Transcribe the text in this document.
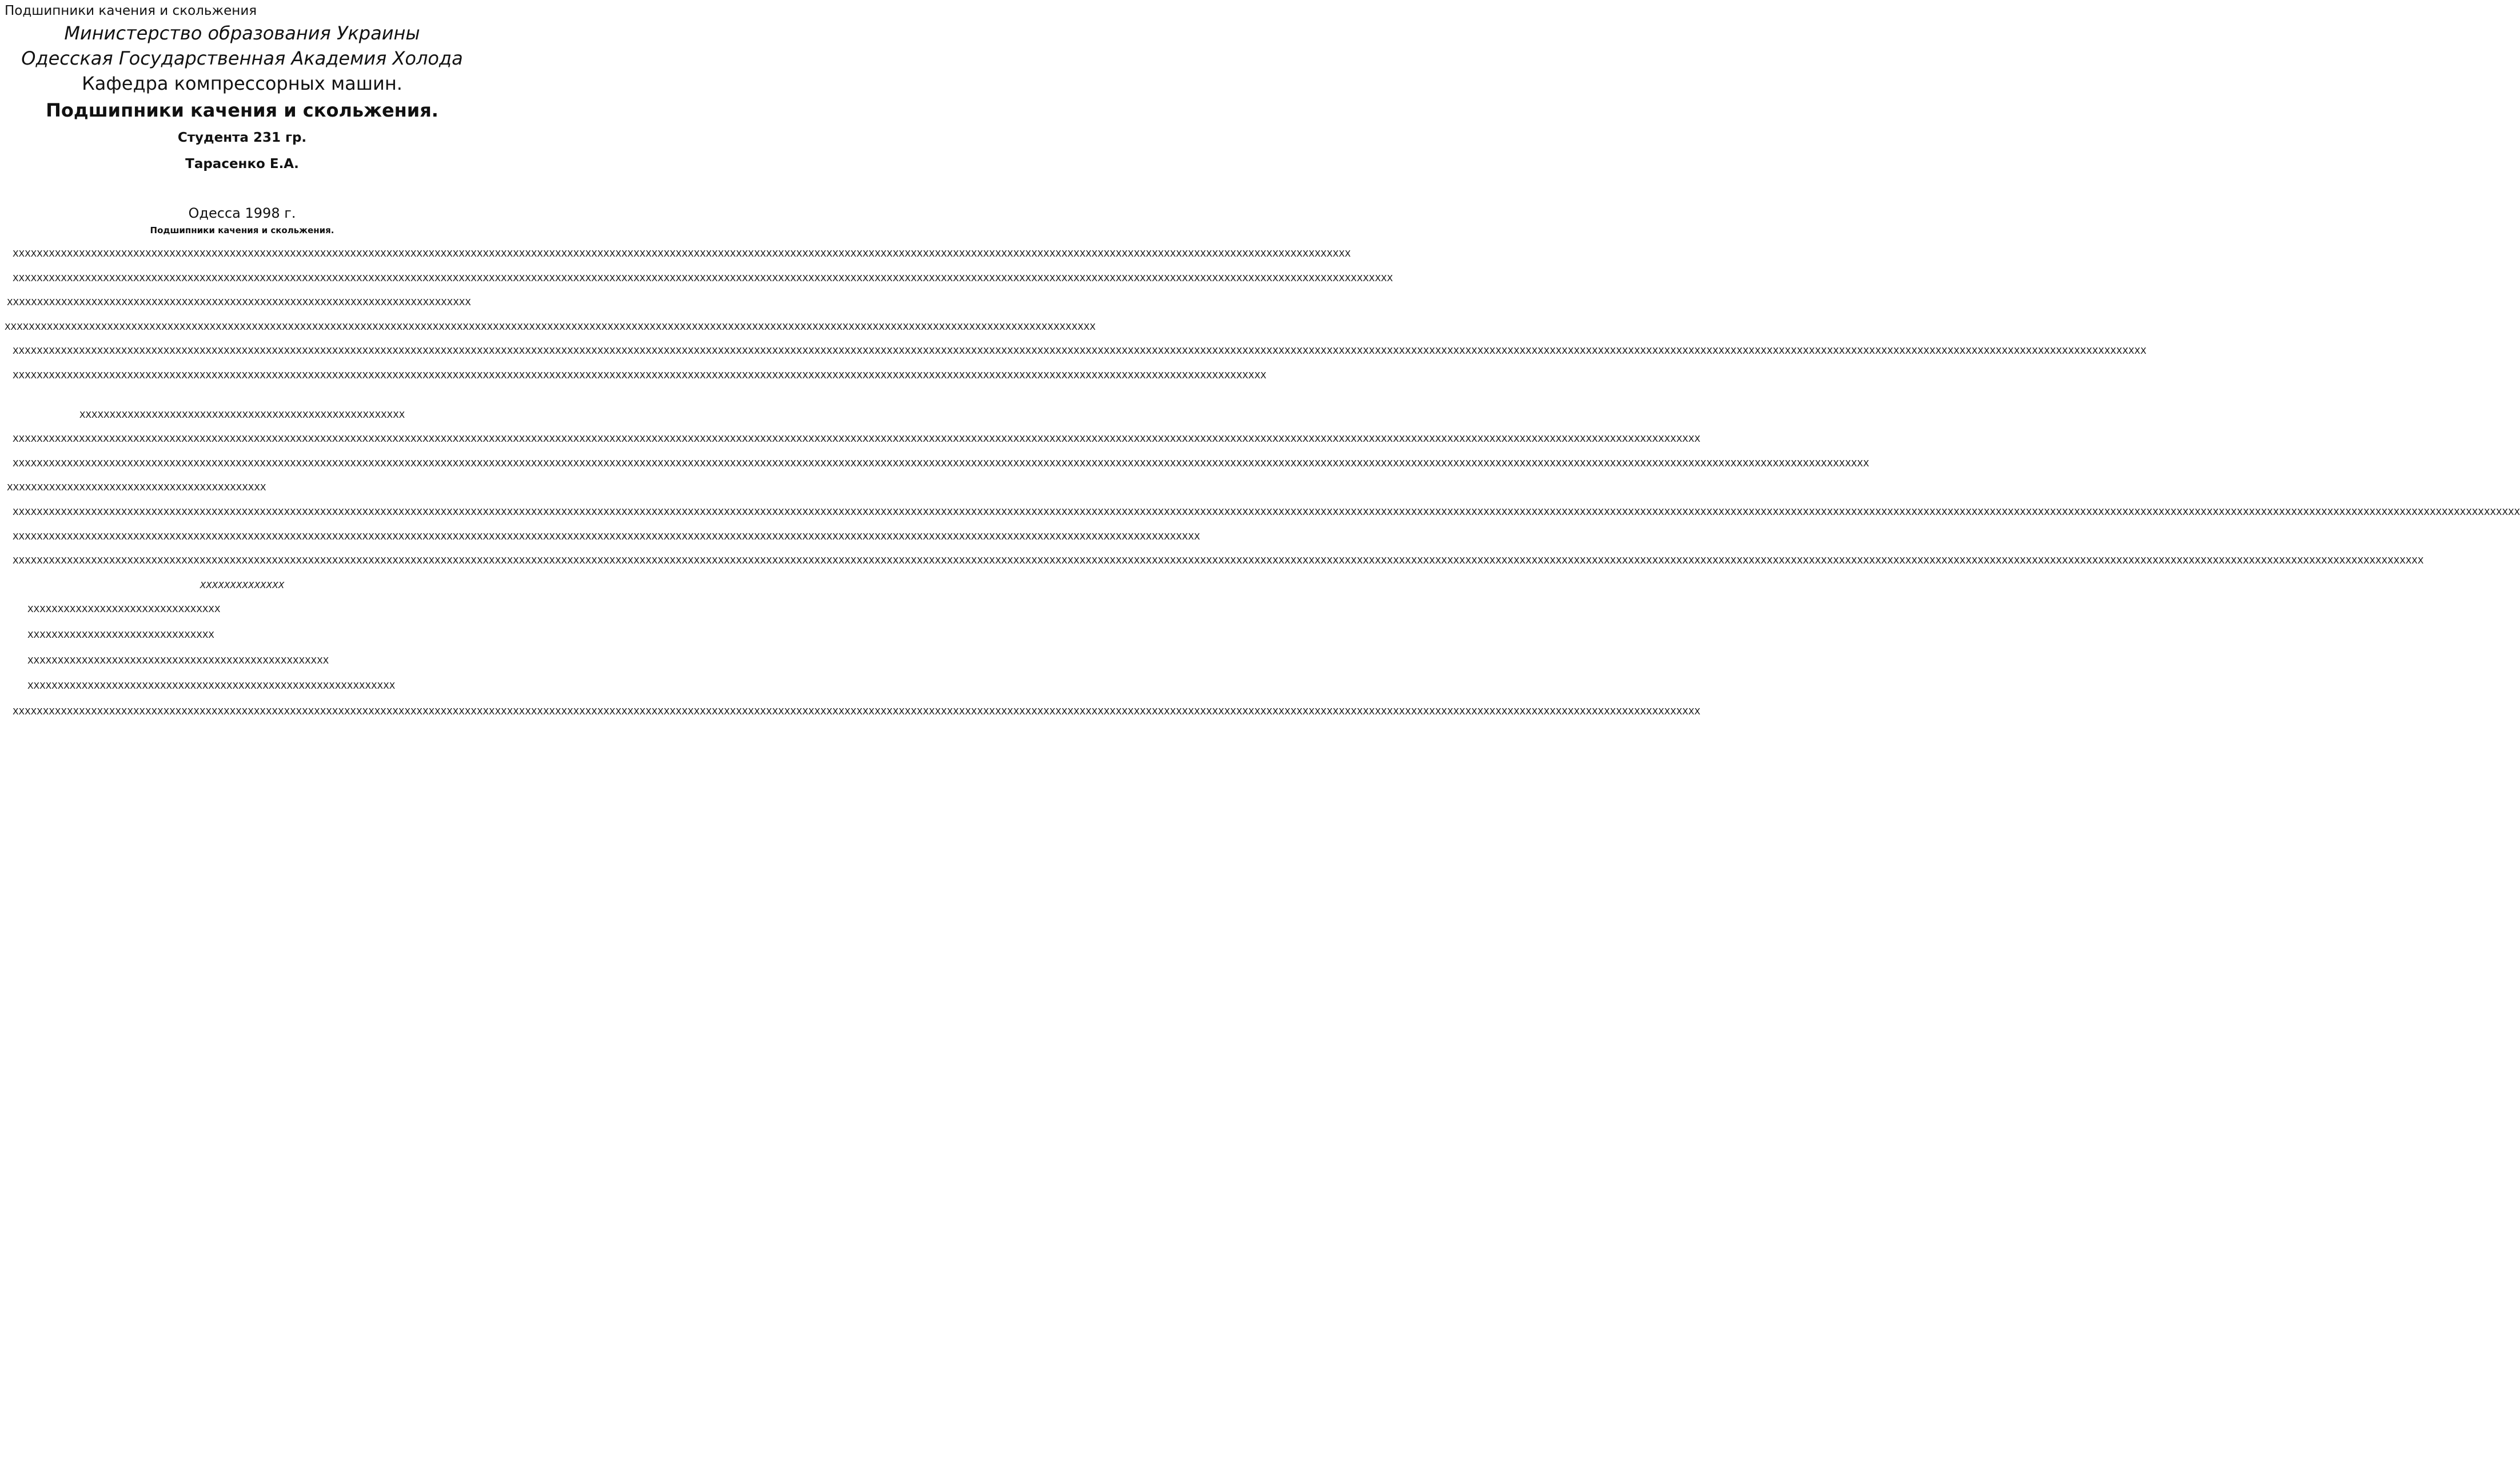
Подшипники качения и скольжения
Министерство образования Украины
Одесская Государственная Академия Холода
Кафедра компрессорных машин.
Подшипники качения и скольжения.
Студента 231 гр.
Тарасенко Е.А.
Одесса 1998 г.
Подшипники качения и скольжения.

XXXXXXXXXXXXXXXXXXXXXXXXXXXXXXXXXXXXXXXXXXXXXXXXXXXXXXXXXXXXXXXXXXXXXXXXXXXXXXXXXXXXXXXXXXXXXXXXXXXXXXXXXXXXXXXXXXXXXXXXXXXXXXXXXXXXXXXXXXXXXXXXXXXXXXXXXXXXXXXXXXXXXXXXXXXXXXXXXXXXXXXXXXXXXXXXXXXXXXXXXXXXXXXXXXXXXXXXXXXXXX

XXXXXXXXXXXXXXXXXXXXXXXXXXXXXXXXXXXXXXXXXXXXXXXXXXXXXXXXXXXXXXXXXXXXXXXXXXXXXXXXXXXXXXXXXXXXXXXXXXXXXXXXXXXXXXXXXXXXXXXXXXXXXXXXXXXXXXXXXXXXXXXXXXXXXXXXXXXXXXXXXXXXXXXXXXXXXXXXXXXXXXXXXXXXXXXXXXXXXXXXXXXXXXXXXXXXXXXXXXXXXXXXXXXXX

XXXXXXXXXXXXXXXXXXXXXXXXXXXXXXXXXXXXXXXXXXXXXXXXXXXXXXXXXXXXXXXXXXXXXXXXXXXXX

XXXXXXXXXXXXXXXXXXXXXXXXXXXXXXXXXXXXXXXXXXXXXXXXXXXXXXXXXXXXXXXXXXXXXXXXXXXXXXXXXXXXXXXXXXXXXXXXXXXXXXXXXXXXXXXXXXXXXXXXXXXXXXXXXXXXXXXXXXXXXXXXXXXXXXXXXXXXXXXXXXXXXXXXXXXXXXXXXXXXX

XXXXXXXXXXXXXXXXXXXXXXXXXXXXXXXXXXXXXXXXXXXXXXXXXXXXXXXXXXXXXXXXXXXXXXXXXXXXXXXXXXXXXXXXXXXXXXXXXXXXXXXXXXXXXXXXXXXXXXXXXXXXXXXXXXXXXXXXXXXXXXXXXXXXXXXXXXXXXXXXXXXXXXXXXXXXXXXXXXXXXXXXXXXXXXXXXXXXXXXXXXXXXXXXXXXXXXXXXXXXXXXXXXXXXXXXXXXXXXXXXXXXXXXXXXXXXXXXXXXXXXXXXXXXXXXXXXXXXXXXXXXXXXXXXXXXXXXXXXXXXXXXXXXXXXXXXXXXXXXXXXXXXXXXXXXXXXXXXXXXXXXXXXXXXXXXXX

XXXXXXXXXXXXXXXXXXXXXXXXXXXXXXXXXXXXXXXXXXXXXXXXXXXXXXXXXXXXXXXXXXXXXXXXXXXXXXXXXXXXXXXXXXXXXXXXXXXXXXXXXXXXXXXXXXXXXXXXXXXXXXXXXXXXXXXXXXXXXXXXXXXXXXXXXXXXXXXXXXXXXXXXXXXXXXXXXXXXXXXXXXXXXXXXXXXXXXXXXXXXXXXX

XXXXXXXXXXXXXXXXXXXXXXXXXXXXXXXXXXXXXXXXXXXXXXXXXXXXXX

XXXXXXXXXXXXXXXXXXXXXXXXXXXXXXXXXXXXXXXXXXXXXXXXXXXXXXXXXXXXXXXXXXXXXXXXXXXXXXXXXXXXXXXXXXXXXXXXXXXXXXXXXXXXXXXXXXXXXXXXXXXXXXXXXXXXXXXXXXXXXXXXXXXXXXXXXXXXXXXXXXXXXXXXXXXXXXXXXXXXXXXXXXXXXXXXXXXXXXXXXXXXXXXXXXXXXXXXXXXXXXXXXXXXXXXXXXXXXXXXXXXXXXXXXXXXXXXXXXXXXXXXXXXXXXXXXXXXXXXX

XXXXXXXXXXXXXXXXXXXXXXXXXXXXXXXXXXXXXXXXXXXXXXXXXXXXXXXXXXXXXXXXXXXXXXXXXXXXXXXXXXXXXXXXXXXXXXXXXXXXXXXXXXXXXXXXXXXXXXXXXXXXXXXXXXXXXXXXXXXXXXXXXXXXXXXXXXXXXXXXXXXXXXXXXXXXXXXXXXXXXXXXXXXXXXXXXXXXXXXXXXXXXXXXXXXXXXXXXXXXXXXXXXXXXXXXXXXXXXXXXXXXXXXXXXXXXXXXXXXXXXXXXXXXXXXXXXXXXXXXXXXXXXXXXXXXXXXXXXXXXXXXXXXX

XXXXXXXXXXXXXXXXXXXXXXXXXXXXXXXXXXXXXXXXXXX

XXXXXXXXXXXXXXXXXXXXXXXXXXXXXXXXXXXXXXXXXXXXXXXXXXXXXXXXXXXXXXXXXXXXXXXXXXXXXXXXXXXXXXXXXXXXXXXXXXXXXXXXXXXXXXXXXXXXXXXXXXXXXXXXXXXXXXXXXXXXXXXXXXXXXXXXXXXXXXXXXXXXXXXXXXXXXXXXXXXXXXXXXXXXXXXXXXXXXXXXXXXXXXXXXXXXXXXXXXXXXXXXXXXXXXXXXXXXXXXXXXXXXXXXXXXXXXXXXXXXXXXXXXXXXXXXXXXXXXXXXXXXXXXXXXXXXXXXXXXXXXXXXXXXXXXXXXXXXXXXXXXXXXXXXXXXXXXXXXXXXXXXXXXXXXXXXXXXXXXXXXXXXXXXXXXXXXXXXXXXXXXXXXXXXXXXXXXXXXXXXXXXXXXXXXXXXXXX

XXXXXXXXXXXXXXXXXXXXXXXXXXXXXXXXXXXXXXXXXXXXXXXXXXXXXXXXXXXXXXXXXXXXXXXXXXXXXXXXXXXXXXXXXXXXXXXXXXXXXXXXXXXXXXXXXXXXXXXXXXXXXXXXXXXXXXXXXXXXXXXXXXXXXXXXXXXXXXXXXXXXXXXXXXXXXXXXXXXXXXXXXXXXXXXXXXXXX

XXXXXXXXXXXXXXXXXXXXXXXXXXXXXXXXXXXXXXXXXXXXXXXXXXXXXXXXXXXXXXXXXXXXXXXXXXXXXXXXXXXXXXXXXXXXXXXXXXXXXXXXXXXXXXXXXXXXXXXXXXXXXXXXXXXXXXXXXXXXXXXXXXXXXXXXXXXXXXXXXXXXXXXXXXXXXXXXXXXXXXXXXXXXXXXXXXXXXXXXXXXXXXXXXXXXXXXXXXXXXXXXXXXXXXXXXXXXXXXXXXXXXXXXXXXXXXXXXXXXXXXXXXXXXXXXXXXXXXXXXXXXXXXXXXXXXXXXXXXXXXXXXXXXXXXXXXXXXXXXXXXXXXXXXXXXXXXXXXXXXXXXXXXXXXXXXXXXXXXXXXXXXXXXXXXXXXXXXXXXXXXXXXXXXXXXXXXXXXXX

XXXXXXXXXXXXXX

XXXXXXXXXXXXXXXXXXXXXXXXXXXXXXXX

XXXXXXXXXXXXXXXXXXXXXXXXXXXXXXX

XXXXXXXXXXXXXXXXXXXXXXXXXXXXXXXXXXXXXXXXXXXXXXXXXX

XXXXXXXXXXXXXXXXXXXXXXXXXXXXXXXXXXXXXXXXXXXXXXXXXXXXXXXXXXXXX

XXXXXXXXXXXXXXXXXXXXXXXXXXXXXXXXXXXXXXXXXXXXXXXXXXXXXXXXXXXXXXXXXXXXXXXXXXXXXXXXXXXXXXXXXXXXXXXXXXXXXXXXXXXXXXXXXXXXXXXXXXXXXXXXXXXXXXXXXXXXXXXXXXXXXXXXXXXXXXXXXXXXXXXXXXXXXXXXXXXXXXXXXXXXXXXXXXXXXXXXXXXXXXXXXXXXXXXXXXXXXXXXXXXXXXXXXXXXXXXXXXXXXXXXXXXXXXXXXXXXXXXXXXXXXXXXXXXXXXXX
